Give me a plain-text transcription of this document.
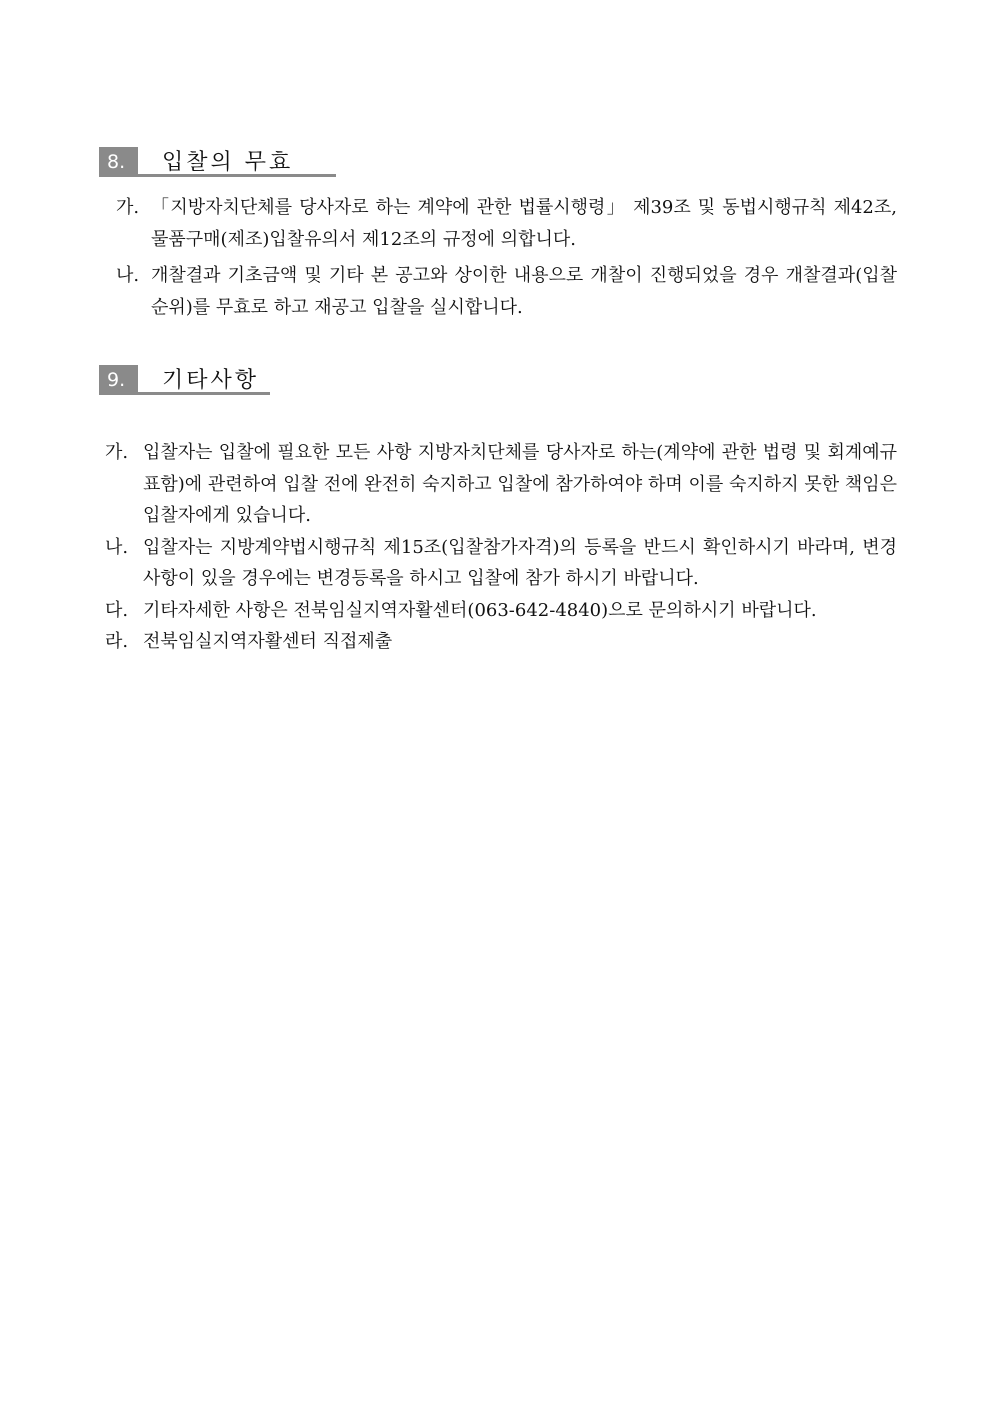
8.	입찰의 무효
가. 「지방자치단체를 당사자로 하는 계약에 관한 법률시행령」 제39조 및 동법시행규칙 제42조, 물품구매(제조)입찰유의서 제12조의 규정에 의합니다.
나. 개찰결과 기초금액 및 기타 본 공고와 상이한 내용으로 개찰이 진행되었을 경우 개찰결과(입찰순위)를 무효로 하고 재공고 입찰을 실시합니다.
9.	기타사항
가. 입찰자는 입찰에 필요한 모든 사항 지방자치단체를 당사자로 하는(계약에 관한 법령 및 회계예규 표함)에 관련하여 입찰 전에 완전히 숙지하고 입찰에 참가하여야 하며 이를 숙지하지 못한 책임은 입찰자에게 있습니다.
나. 입찰자는 지방계약법시행규칙 제15조(입찰참가자격)의 등록을 반드시 확인하시기 바라며, 변경 사항이 있을 경우에는 변경등록을 하시고 입찰에 참가 하시기 바랍니다.
다. 기타자세한 사항은 전북임실지역자활센터(063-642-4840)으로 문의하시기 바랍니다.
라. 전북임실지역자활센터 직접제출
